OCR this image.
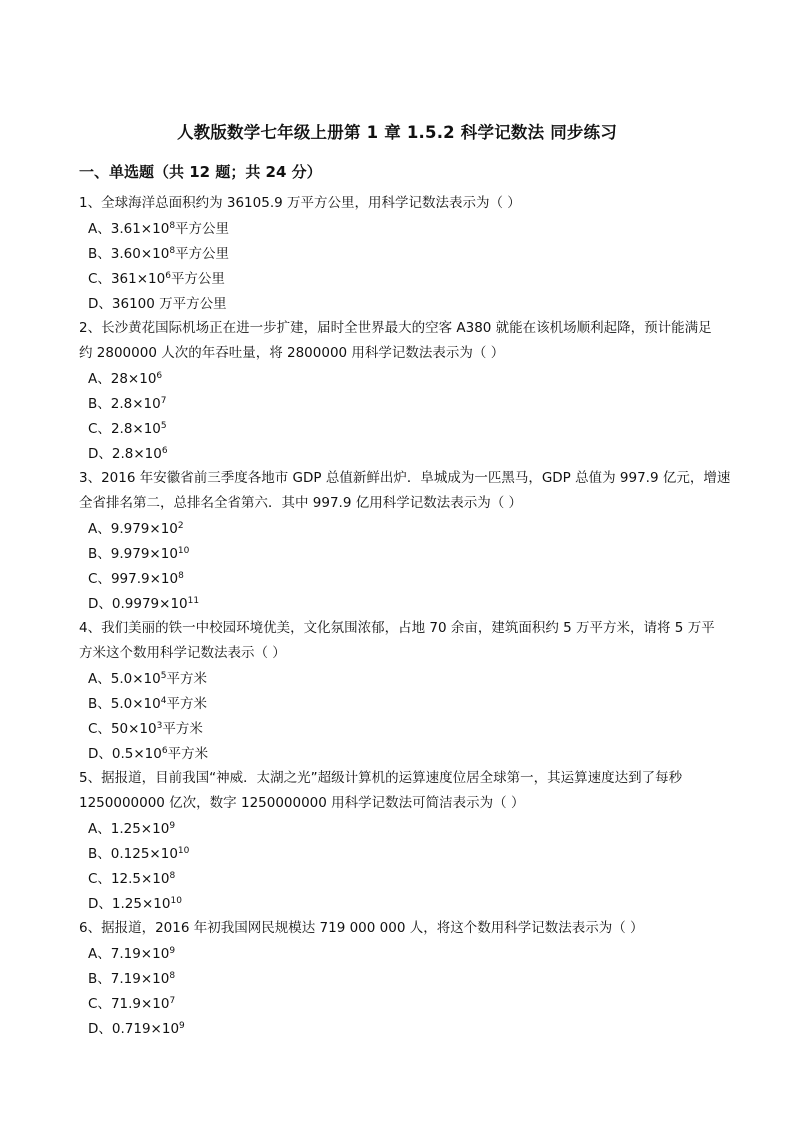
人教版数学七年级上册第 1 章 1.5.2 科学记数法 同步练习
一、单选题（共 12 题；共 24 分）
1、全球海洋总面积约为 36105.9 万平方公里，用科学记数法表示为（ ）
A、$3.61\times 10^8$平方公里
B、$3.60\times 10^8$平方公里
C、$361\times 10^6$平方公里
D、36100 万平方公里
2、长沙黄花国际机场正在进一步扩建，届时全世界最大的空客 A380 就能在该机场顺利起降，预计能满足
约 2800000 人次的年吞吐量，将 2800000 用科学记数法表示为（ ）
A、$28\times 10^6$
B、$2.8\times 10^7$
C、$2.8\times 10^5$
D、$2.8\times 10^6$
3、2016 年安徽省前三季度各地市 GDP 总值新鲜出炉．阜城成为一匹黑马，GDP 总值为 997.9 亿元，增速
全省排名第二，总排名全省第六．其中 997.9 亿用科学记数法表示为（ ）
A、$9.979\times 10^2$
B、$9.979\times 10^{10}$
C、$997.9\times 10^8$
D、$0.9979\times 10^{11}$
4、我们美丽的铁一中校园环境优美，文化氛围浓郁，占地 70 余亩，建筑面积约 5 万平方米，请将 5 万平
方米这个数用科学记数法表示（ ）
A、$5.0\times 10^5$平方米
B、$5.0\times 10^4$平方米
C、$50\times 10^3$平方米
D、$0.5\times 10^6$平方米
5、据报道，目前我国“神威．太湖之光”超级计算机的运算速度位居全球第一，其运算速度达到了每秒
1250000000 亿次，数字 1250000000 用科学记数法可简洁表示为（ ）
A、$1.25\times 10^9$
B、$0.125\times 10^{10}$
C、$12.5\times 10^8$
D、$1.25\times 10^{10}$
6、据报道，2016 年初我国网民规模达 719 000 000 人，将这个数用科学记数法表示为（ ）
A、$7.19\times 10^9$
B、$7.19\times 10^8$
C、$71.9\times 10^7$
D、$0.719\times 10^9$
